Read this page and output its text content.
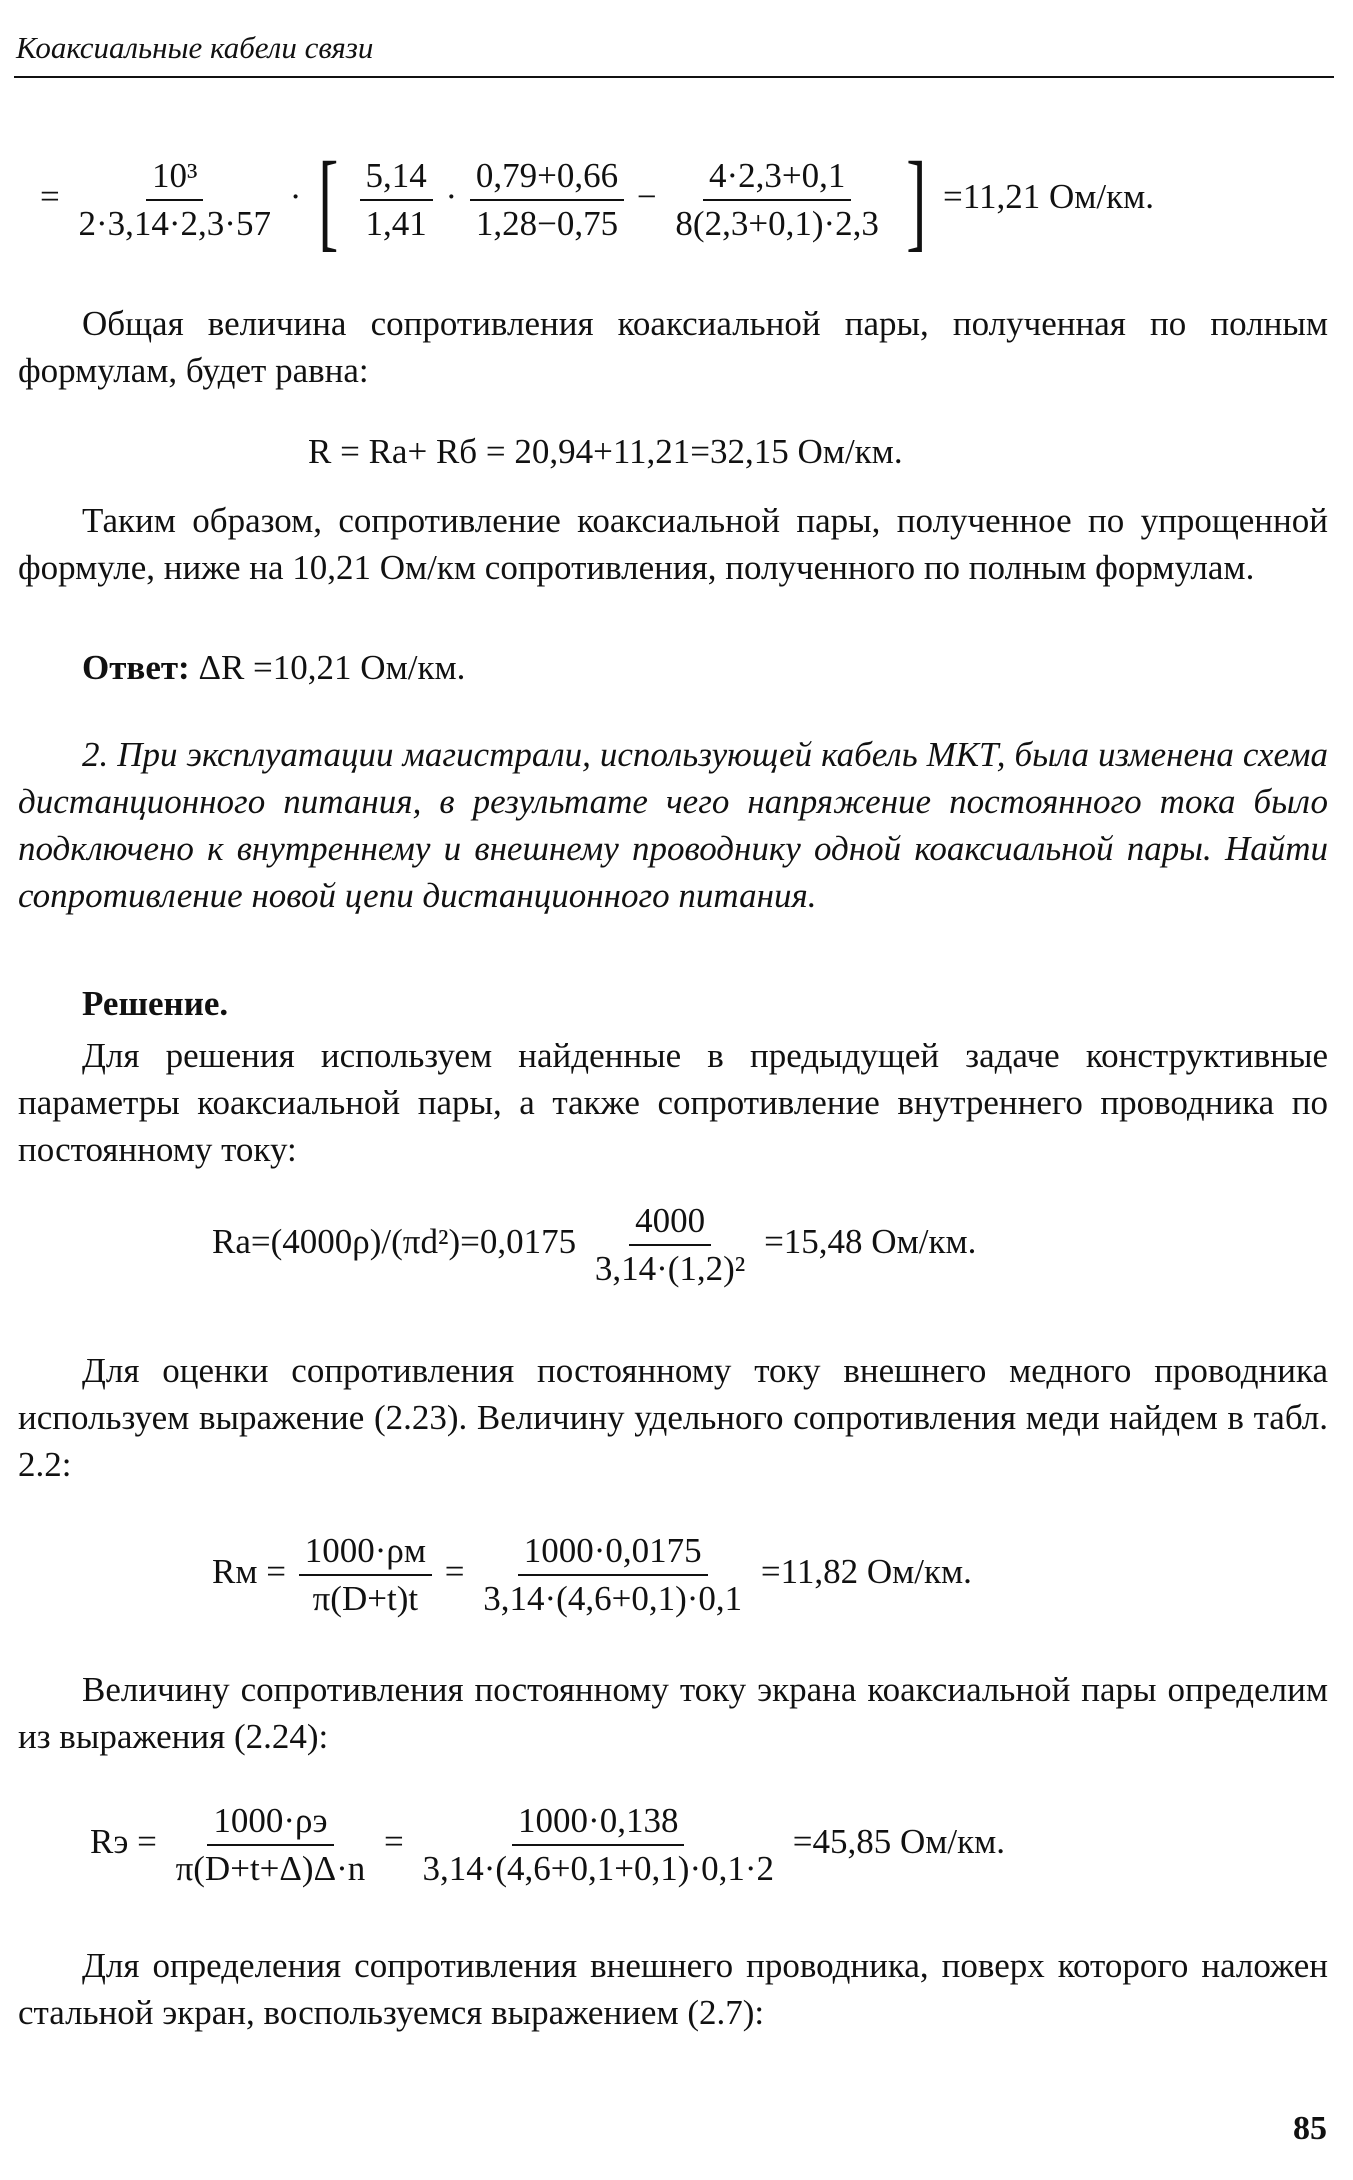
Коаксиальные кабели связи
= $\frac{\text{10³}}{2\cdot 3,14\cdot 2,3\cdot 57}$ · [ $\frac{5,14}{1,41} \cdot \frac{0,79+0,66}{1,28-0,75} - \frac{4\cdot 2,3+0,1}{8(2,3+0,1)\cdot 2,3}$ ] =11,21 Ом/км.
Общая величина сопротивления коаксиальной пары, полученная по полным формулам, будет равна:
R = Rа+ Rб = 20,94+11,21=32,15 Ом/км.
Таким образом, сопротивление коаксиальной пары, полученное по упрощенной формуле, ниже на 10,21 Ом/км сопротивления, полученного по полным формулам.
Ответ: ΔR =10,21 Ом/км.
2. При эксплуатации магистрали, использующей кабель МКТ, была изменена схема дистанционного питания, в результате чего напряжение постоянного тока было подключено к внутреннему и внешнему проводнику одной коаксиальной пары. Найти сопротивление новой цепи дистанционного питания.
Решение.
Для решения используем найденные в предыдущей задаче конструктивные параметры коаксиальной пары, а также сопротивление внутреннего проводника по постоянному току:
$Rа=(4000\rho)/(\pi d^2)=0,0175 \frac{4000}{\text{3,14·(1,2)²}} =15,48$ Ом/км.
Для оценки сопротивления постоянному току внешнего медного проводника используем выражение (2.23). Величину удельного сопротивления меди найдем в табл. 2.2:
Rм = $\frac{1000\cdot\rho м}{\pi(D+t)t} = \frac{1000\cdot 0,0175}{3,14\cdot(4,6+0,1)\cdot 0,1} =11,82$ Ом/км.
Величину сопротивления постоянному току экрана коаксиальной пары определим из выражения (2.24):
Rэ = $\frac{1000\cdot\rho э}{\pi(D+t+\Delta)\Delta\cdot n} = \frac{1000\cdot 0,138}{3,14\cdot(4,6+0,1+0,1)\cdot 0,1\cdot 2} =45,85$ Ом/км.
Для определения сопротивления внешнего проводника, поверх которого наложен стальной экран, воспользуемся выражением (2.7):
85
